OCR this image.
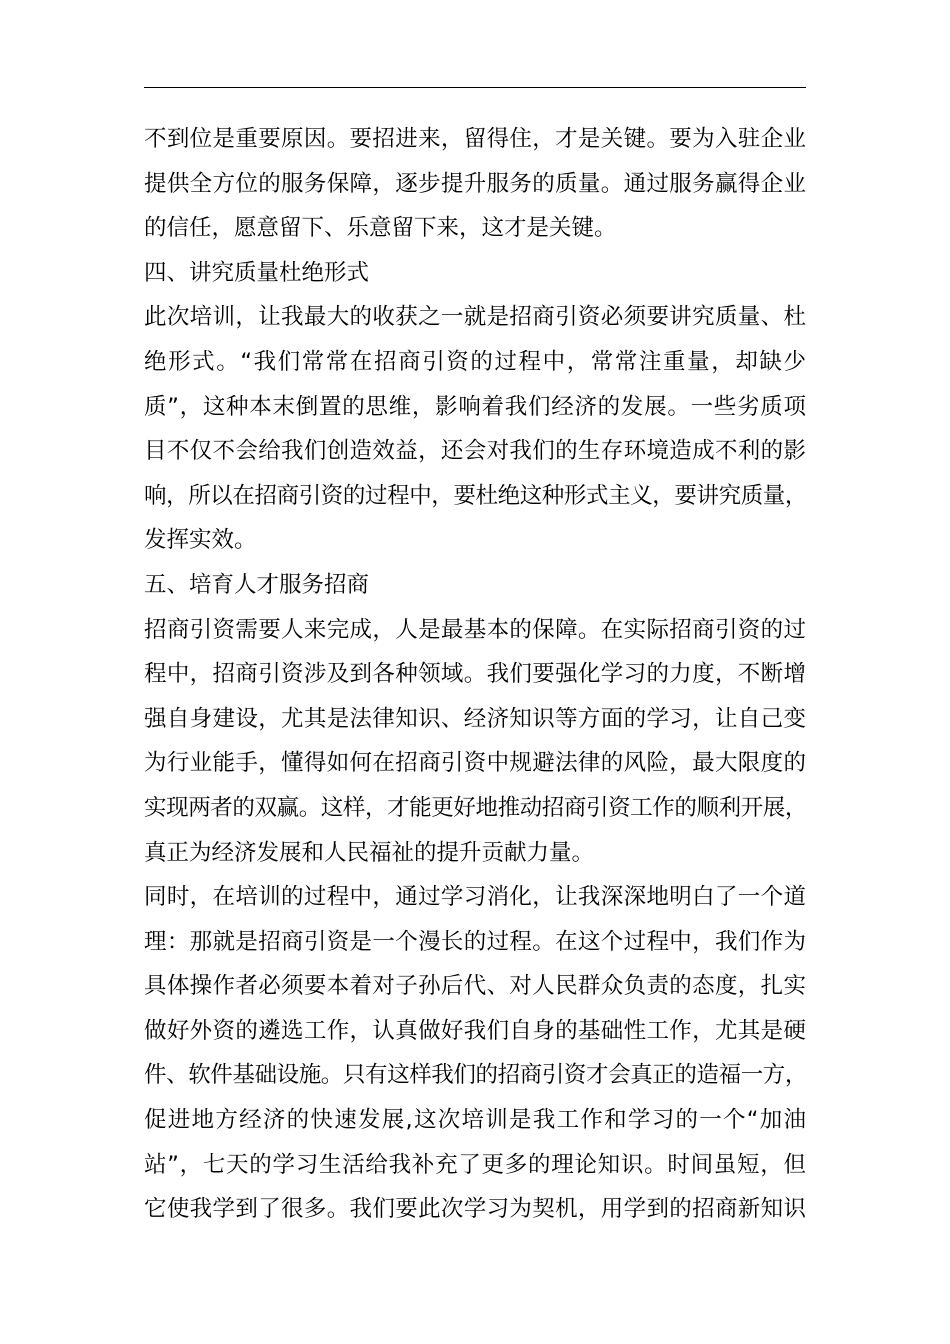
不到位是重要原因。要招进来，留得住，才是关键。要为入驻企业
提供全方位的服务保障，逐步提升服务的质量。通过服务赢得企业
的信任，愿意留下、乐意留下来，这才是关键。
四、讲究质量杜绝形式
此次培训，让我最大的收获之一就是招商引资必须要讲究质量、杜
绝形式。“我们常常在招商引资的过程中，常常注重量，却缺少
质”，这种本末倒置的思维，影响着我们经济的发展。一些劣质项
目不仅不会给我们创造效益，还会对我们的生存环境造成不利的影
响，所以在招商引资的过程中，要杜绝这种形式主义，要讲究质量，
发挥实效。
五、培育人才服务招商
招商引资需要人来完成，人是最基本的保障。在实际招商引资的过
程中，招商引资涉及到各种领域。我们要强化学习的力度，不断增
强自身建设，尤其是法律知识、经济知识等方面的学习，让自己变
为行业能手，懂得如何在招商引资中规避法律的风险，最大限度的
实现两者的双赢。这样，才能更好地推动招商引资工作的顺利开展，
真正为经济发展和人民福祉的提升贡献力量。
同时，在培训的过程中，通过学习消化，让我深深地明白了一个道
理：那就是招商引资是一个漫长的过程。在这个过程中，我们作为
具体操作者必须要本着对子孙后代、对人民群众负责的态度，扎实
做好外资的遴选工作，认真做好我们自身的基础性工作，尤其是硬
件、软件基础设施。只有这样我们的招商引资才会真正的造福一方，
促进地方经济的快速发展,这次培训是我工作和学习的一个“加油
站”，七天的学习生活给我补充了更多的理论知识。时间虽短，但
它使我学到了很多。我们要此次学习为契机，用学到的招商新知识
